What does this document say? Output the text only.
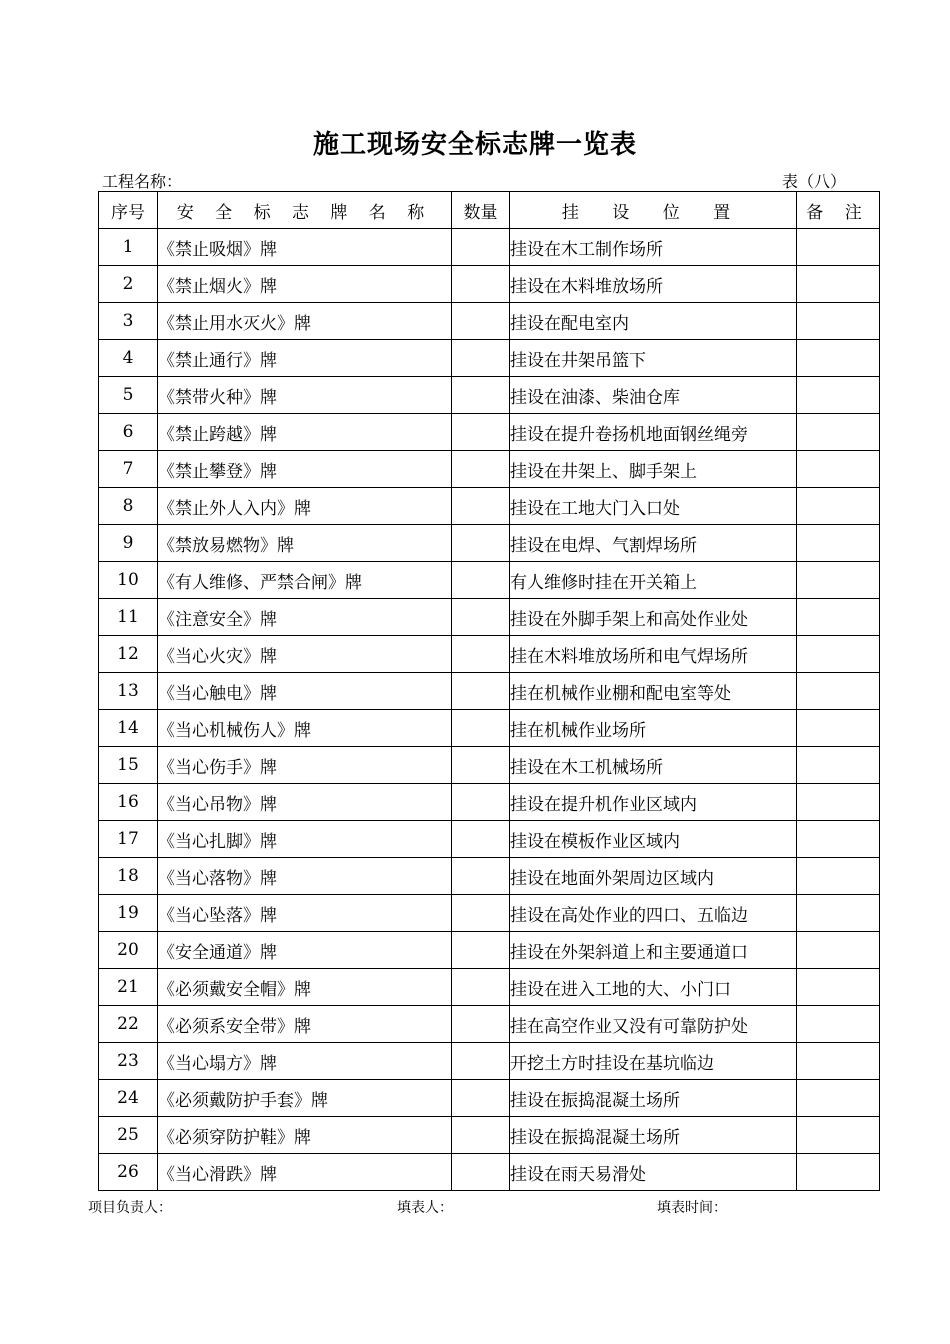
施工现场安全标志牌一览表
工程名称：	表（八）
序号	安 全 标 志 牌 名 称	数量	挂 设 位 置	备 注
1	《禁止吸烟》牌		挂设在木工制作场所	
2	《禁止烟火》牌		挂设在木料堆放场所	
3	《禁止用水灭火》牌		挂设在配电室内	
4	《禁止通行》牌		挂设在井架吊篮下	
5	《禁带火种》牌		挂设在油漆、柴油仓库	
6	《禁止跨越》牌		挂设在提升卷扬机地面钢丝绳旁	
7	《禁止攀登》牌		挂设在井架上、脚手架上	
8	《禁止外人入内》牌		挂设在工地大门入口处	
9	《禁放易燃物》牌		挂设在电焊、气割焊场所	
10	《有人维修、严禁合闸》牌		有人维修时挂在开关箱上	
11	《注意安全》牌		挂设在外脚手架上和高处作业处	
12	《当心火灾》牌		挂在木料堆放场所和电气焊场所	
13	《当心触电》牌		挂在机械作业棚和配电室等处	
14	《当心机械伤人》牌		挂在机械作业场所	
15	《当心伤手》牌		挂设在木工机械场所	
16	《当心吊物》牌		挂设在提升机作业区域内	
17	《当心扎脚》牌		挂设在模板作业区域内	
18	《当心落物》牌		挂设在地面外架周边区域内	
19	《当心坠落》牌		挂设在高处作业的四口、五临边	
20	《安全通道》牌		挂设在外架斜道上和主要通道口	
21	《必须戴安全帽》牌		挂设在进入工地的大、小门口	
22	《必须系安全带》牌		挂在高空作业又没有可靠防护处	
23	《当心塌方》牌		开挖土方时挂设在基坑临边	
24	《必须戴防护手套》牌		挂设在振捣混凝土场所	
25	《必须穿防护鞋》牌		挂设在振捣混凝土场所	
26	《当心滑跌》牌		挂设在雨天易滑处	
项目负责人：	填表人：	填表时间：
